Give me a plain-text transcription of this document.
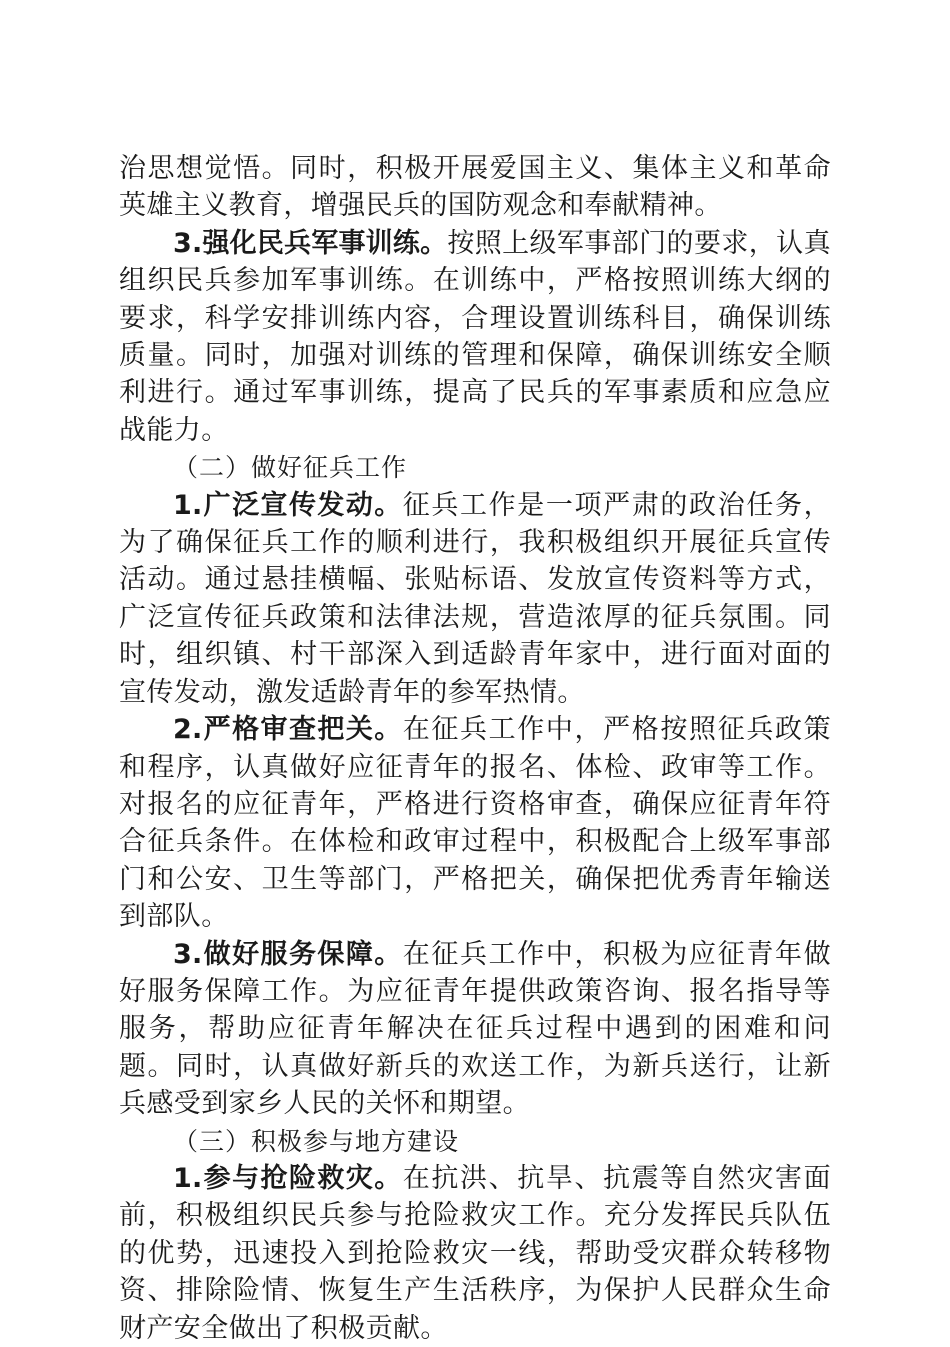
治思想觉悟。同时，积极开展爱国主义、集体主义和革命英雄主义教育，增强民兵的国防观念和奉献精神。

3.强化民兵军事训练。按照上级军事部门的要求，认真组织民兵参加军事训练。在训练中，严格按照训练大纲的要求，科学安排训练内容，合理设置训练科目，确保训练质量。同时，加强对训练的管理和保障，确保训练安全顺利进行。通过军事训练，提高了民兵的军事素质和应急应战能力。

（二）做好征兵工作

1.广泛宣传发动。征兵工作是一项严肃的政治任务，为了确保征兵工作的顺利进行，我积极组织开展征兵宣传活动。通过悬挂横幅、张贴标语、发放宣传资料等方式，广泛宣传征兵政策和法律法规，营造浓厚的征兵氛围。同时，组织镇、村干部深入到适龄青年家中，进行面对面的宣传发动，激发适龄青年的参军热情。

2.严格审查把关。在征兵工作中，严格按照征兵政策和程序，认真做好应征青年的报名、体检、政审等工作。对报名的应征青年，严格进行资格审查，确保应征青年符合征兵条件。在体检和政审过程中，积极配合上级军事部门和公安、卫生等部门，严格把关，确保把优秀青年输送到部队。

3.做好服务保障。在征兵工作中，积极为应征青年做好服务保障工作。为应征青年提供政策咨询、报名指导等服务，帮助应征青年解决在征兵过程中遇到的困难和问题。同时，认真做好新兵的欢送工作，为新兵送行，让新兵感受到家乡人民的关怀和期望。

（三）积极参与地方建设

1.参与抢险救灾。在抗洪、抗旱、抗震等自然灾害面前，积极组织民兵参与抢险救灾工作。充分发挥民兵队伍的优势，迅速投入到抢险救灾一线，帮助受灾群众转移物资、排除险情、恢复生产生活秩序，为保护人民群众生命财产安全做出了积极贡献。
